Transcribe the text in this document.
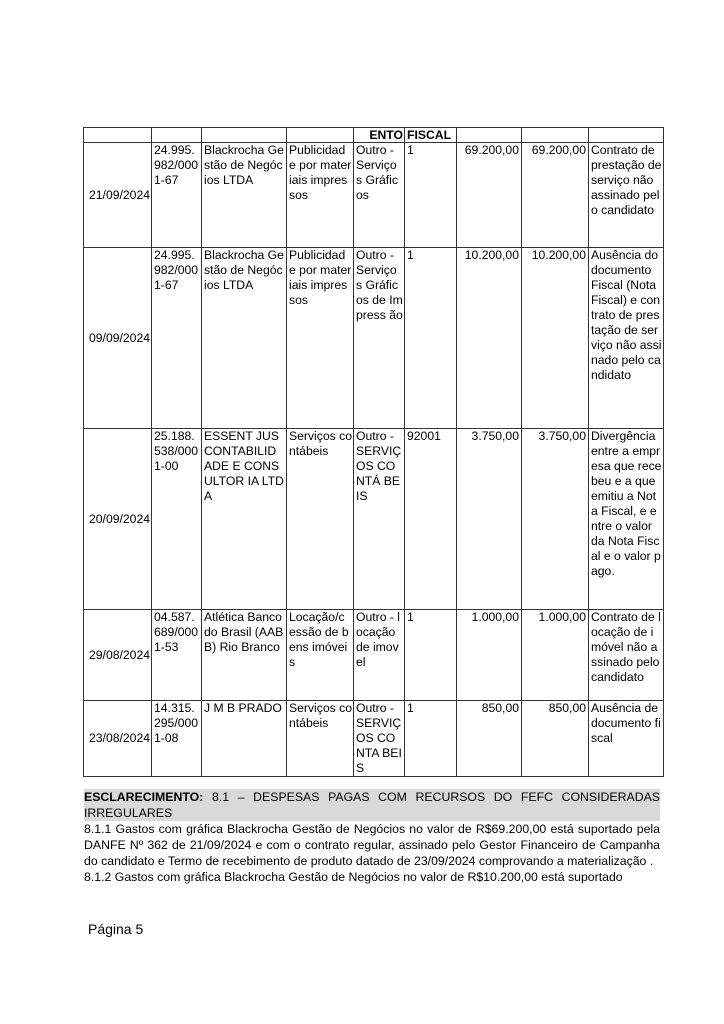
				ENTO	FISCAL			
21/09/2024	24.995. 982/000 1-67	Blackrocha Gestão de Negócios LTDA	Publicidad e por materiais impressos	Outro - Serviço s Gráficos	1	69.200,00	69.200,00	Contrato de prestação de serviço não assinado pelo candidato
09/09/2024	24.995. 982/000 1-67	Blackrocha Gestão de Negócios LTDA	Publicidad e por materiais impressos	Outro - Serviço s Gráficos de Impress ão	1	10.200,00	10.200,00	Ausência do documento Fiscal (Nota Fiscal) e contrato de prestação de serviço não assinado pelo candidato
20/09/2024	25.188. 538/000 1-00	ESSENT JUS CONTABILID ADE E CONSULTOR IA LTDA	Serviços contábeis	Outro - SERVIÇ OS CONTÁ BEIS	92001	3.750,00	3.750,00	Divergência entre a empresa que recebeu e a que emitiu a Nota Fiscal, e entre o valor da Nota Fiscal e o valor pago.
29/08/2024	04.587. 689/000 1-53	Atlética Banco do Brasil (AABB) Rio Branco	Locação/c essão de bens imóveis	Outro - locação de imovel	1	1.000,00	1.000,00	Contrato de locação de imóvel não assinado pelo candidato
23/08/2024	14.315. 295/000 1-08	J M B PRADO	Serviços contábeis	Outro - SERVIÇ OS CONTA BEIS	1	850,00	850,00	Ausência de documento fiscal

ESCLARECIMENTO: 8.1 – DESPESAS PAGAS COM RECURSOS DO FEFC CONSIDERADAS IRREGULARES

8.1.1 Gastos com gráfica Blackrocha Gestão de Negócios no valor de R$69.200,00 está suportado pela DANFE Nº 362 de 21/09/2024 e com o contrato regular, assinado pelo Gestor Financeiro de Campanha do candidato e Termo de recebimento de produto datado de 23/09/2024 comprovando a materialização .

8.1.2 Gastos com gráfica Blackrocha Gestão de Negócios no valor de R$10.200,00 está suportado

Página 5
